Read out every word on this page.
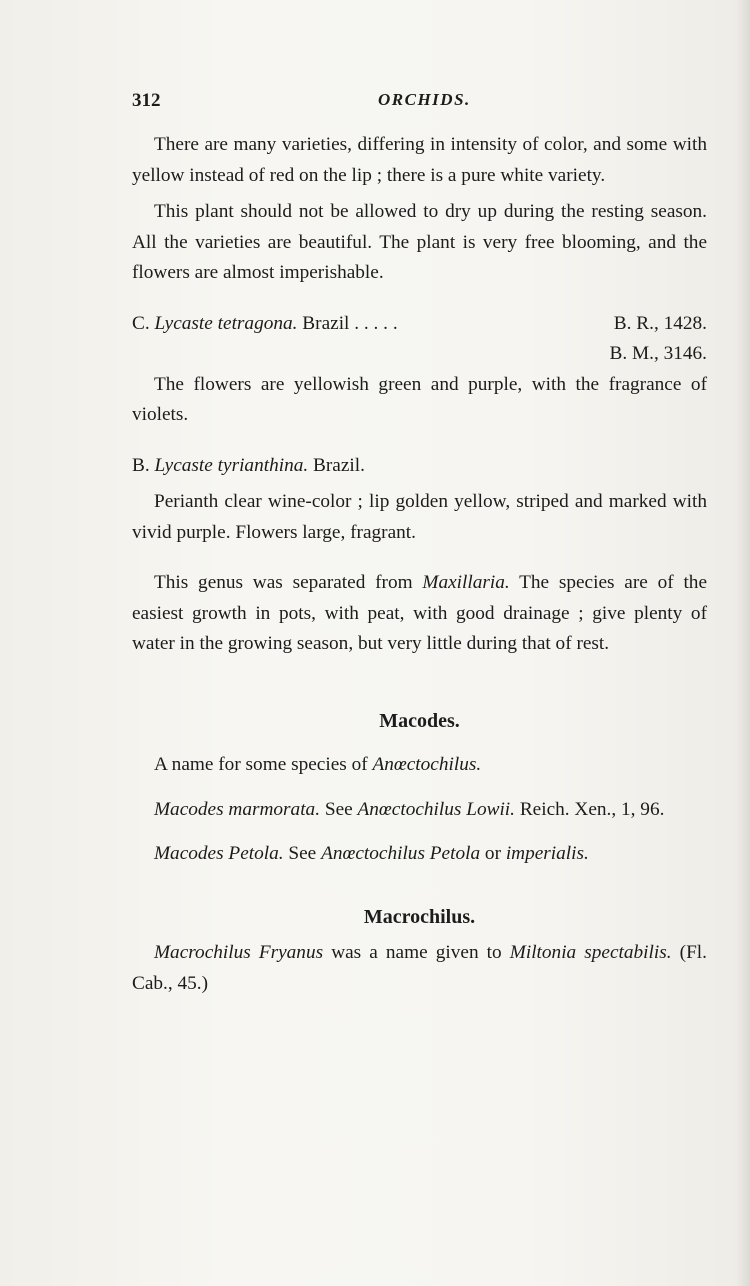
312	ORCHIDS.

There are many varieties, differing in intensity of color, and some with yellow instead of red on the lip ; there is a pure white variety.

This plant should not be allowed to dry up during the resting season. All the varieties are beautiful. The plant is very free blooming, and the flowers are almost imperishable.

C. Lycaste tetragona. Brazil . . . . .	B. R., 1428.
B. M., 3146.

The flowers are yellowish green and purple, with the fragrance of violets.

B. Lycaste tyrianthina. Brazil.

Perianth clear wine-color ; lip golden yellow, striped and marked with vivid purple. Flowers large, fragrant.

This genus was separated from Maxillaria. The species are of the easiest growth in pots, with peat, with good drainage ; give plenty of water in the growing season, but very little during that of rest.

Macodes.

A name for some species of Anœctochilus.

Macodes marmorata. See Anœctochilus Lowii. Reich. Xen., 1, 96.

Macodes Petola. See Anœctochilus Petola or imperialis.

Macrochilus.

Macrochilus Fryanus was a name given to Miltonia spectabilis. (Fl. Cab., 45.)
